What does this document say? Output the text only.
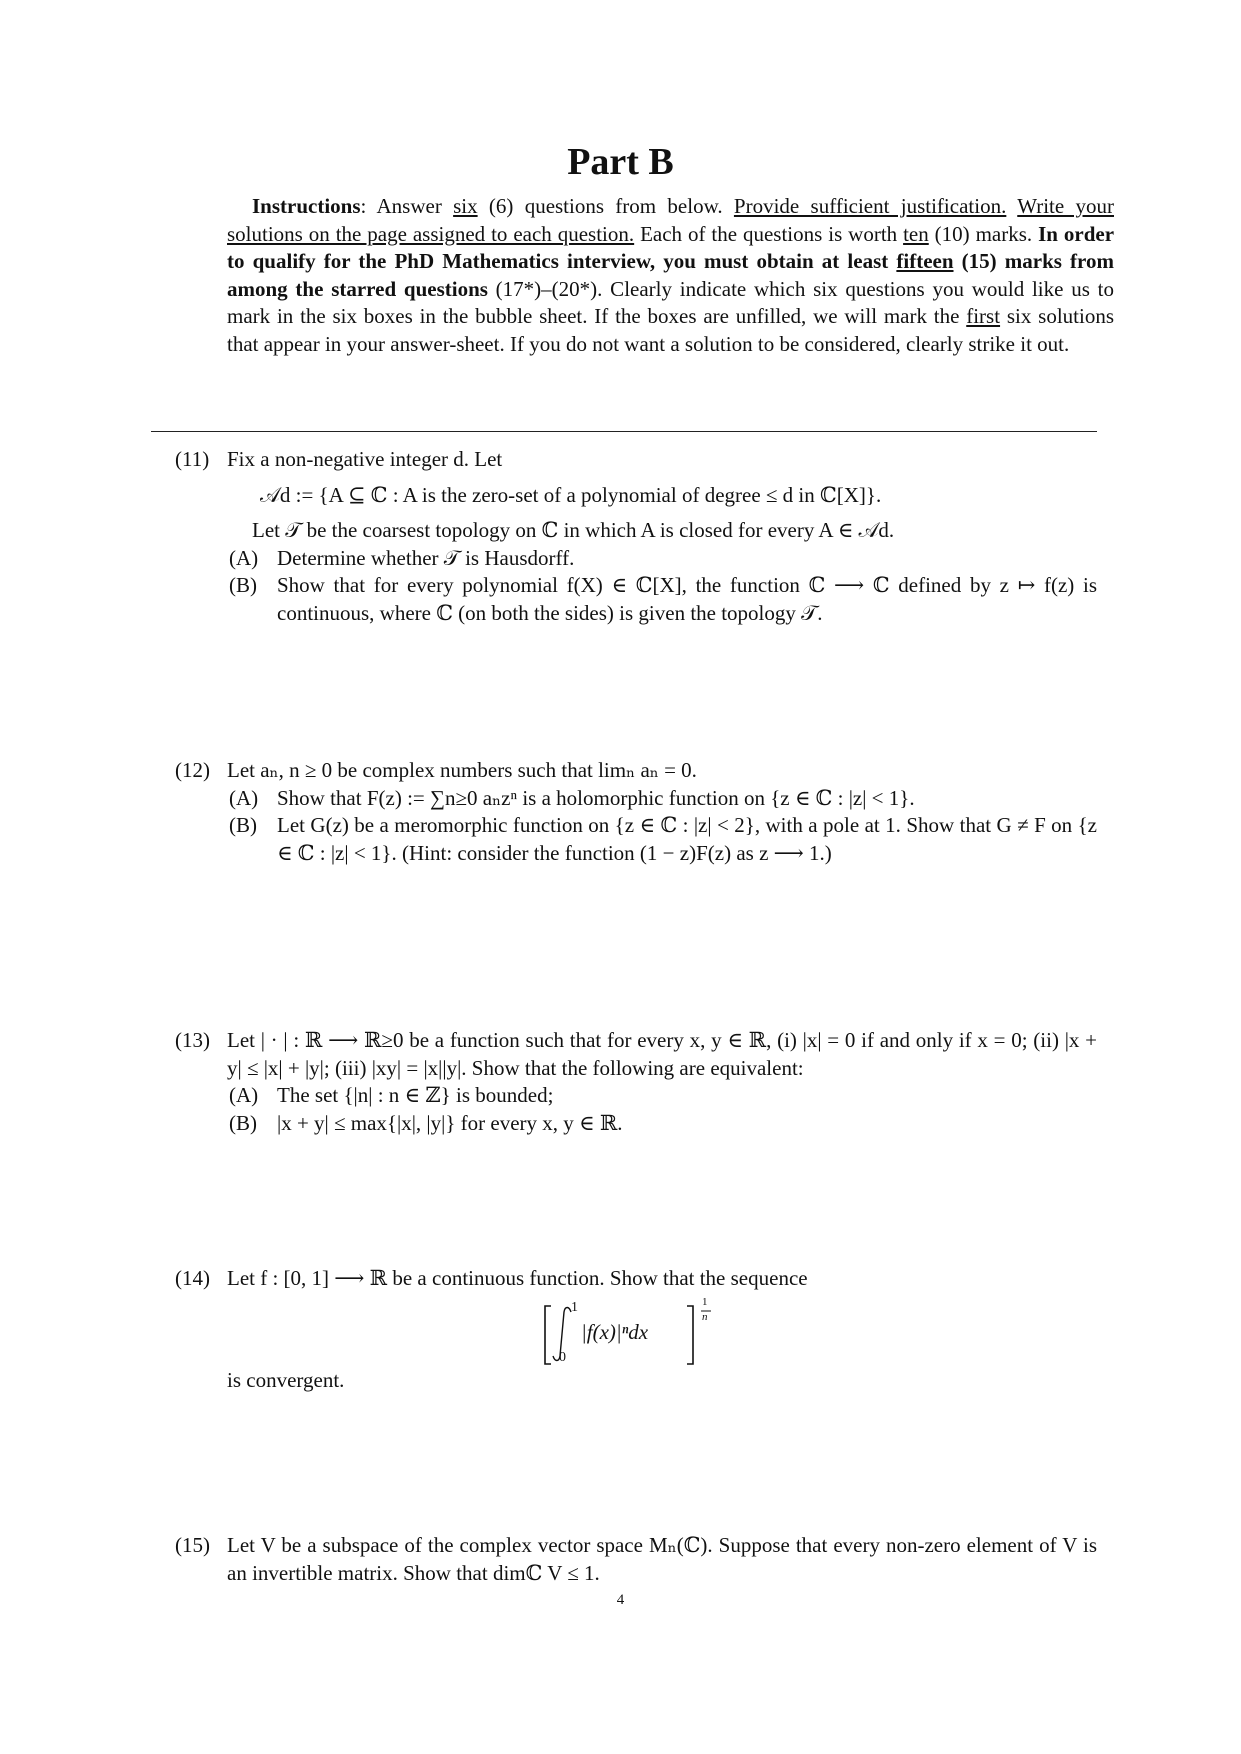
Part B
Instructions: Answer six (6) questions from below. Provide sufficient justification. Write your solutions on the page assigned to each question. Each of the questions is worth ten (10) marks. In order to qualify for the PhD Mathematics interview, you must obtain at least fifteen (15) marks from among the starred questions (17*)–(20*). Clearly indicate which six questions you would like us to mark in the six boxes in the bubble sheet. If the boxes are unfilled, we will mark the first six solutions that appear in your answer-sheet. If you do not want a solution to be considered, clearly strike it out.
(11) Fix a non-negative integer d. Let
𝒜d := {A ⊆ ℂ : A is the zero-set of a polynomial of degree ≤ d in ℂ[X]}.
Let 𝒯 be the coarsest topology on ℂ in which A is closed for every A ∈ 𝒜d.
(A) Determine whether 𝒯 is Hausdorff.
(B) Show that for every polynomial f(X) ∈ ℂ[X], the function ℂ ⟶ ℂ defined by z ↦ f(z) is continuous, where ℂ (on both the sides) is given the topology 𝒯.
(12) Let aₙ, n ≥ 0 be complex numbers such that limₙ aₙ = 0.
(A) Show that F(z) := ∑n≥0 aₙzⁿ is a holomorphic function on {z ∈ ℂ : |z| < 1}.
(B) Let G(z) be a meromorphic function on {z ∈ ℂ : |z| < 2}, with a pole at 1. Show that G ≠ F on {z ∈ ℂ : |z| < 1}. (Hint: consider the function (1 − z)F(z) as z ⟶ 1.)
(13) Let | · | : ℝ ⟶ ℝ≥0 be a function such that for every x, y ∈ ℝ, (i) |x| = 0 if and only if x = 0; (ii) |x + y| ≤ |x| + |y|; (iii) |xy| = |x||y|. Show that the following are equivalent:
(A) The set {|n| : n ∈ ℤ} is bounded;
(B) |x + y| ≤ max{|x|, |y|} for every x, y ∈ ℝ.
(14) Let f : [0, 1] ⟶ ℝ be a continuous function. Show that the sequence
1
0
|f(x)|ⁿdx
1
n
is convergent.
(15) Let V be a subspace of the complex vector space Mₙ(ℂ). Suppose that every non-zero element of V is an invertible matrix. Show that dimℂ V ≤ 1.
4
